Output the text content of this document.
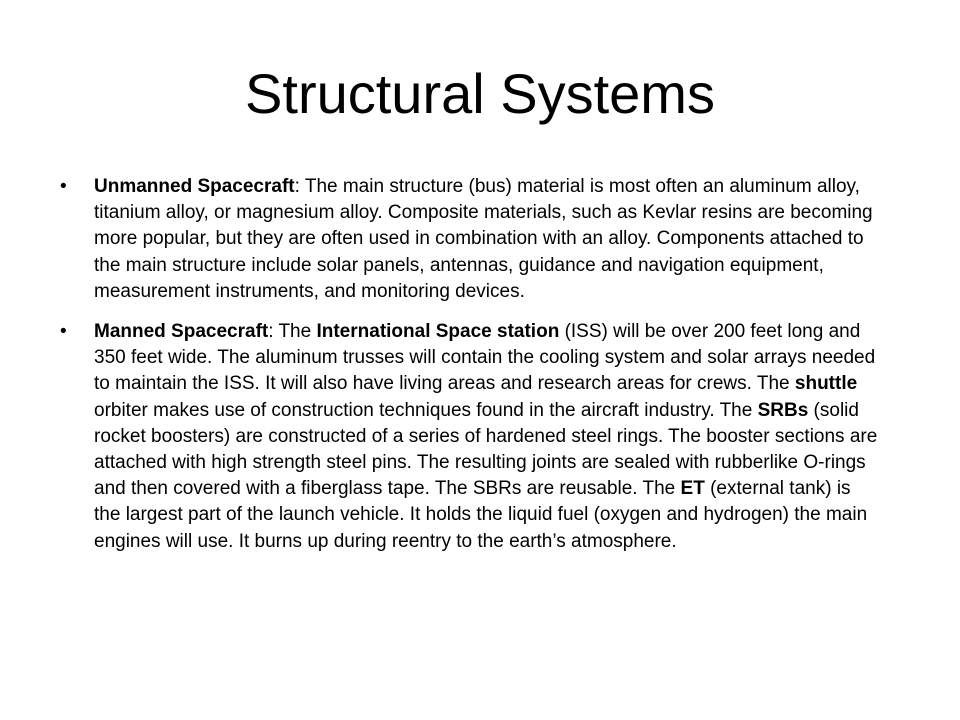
Structural Systems
• Unmanned Spacecraft: The main structure (bus) material is most often an aluminum alloy, titanium alloy, or magnesium alloy. Composite materials, such as Kevlar resins are becoming more popular, but they are often used in combination with an alloy. Components attached to the main structure include solar panels, antennas, guidance and navigation equipment, measurement instruments, and monitoring devices.
• Manned Spacecraft: The International Space station (ISS) will be over 200 feet long and 350 feet wide. The aluminum trusses will contain the cooling system and solar arrays needed to maintain the ISS. It will also have living areas and research areas for crews. The shuttle orbiter makes use of construction techniques found in the aircraft industry. The SRBs (solid rocket boosters) are constructed of a series of hardened steel rings. The booster sections are attached with high strength steel pins. The resulting joints are sealed with rubberlike O-rings and then covered with a fiberglass tape. The SBRs are reusable. The ET (external tank) is the largest part of the launch vehicle. It holds the liquid fuel (oxygen and hydrogen) the main engines will use. It burns up during reentry to the earth’s atmosphere.
